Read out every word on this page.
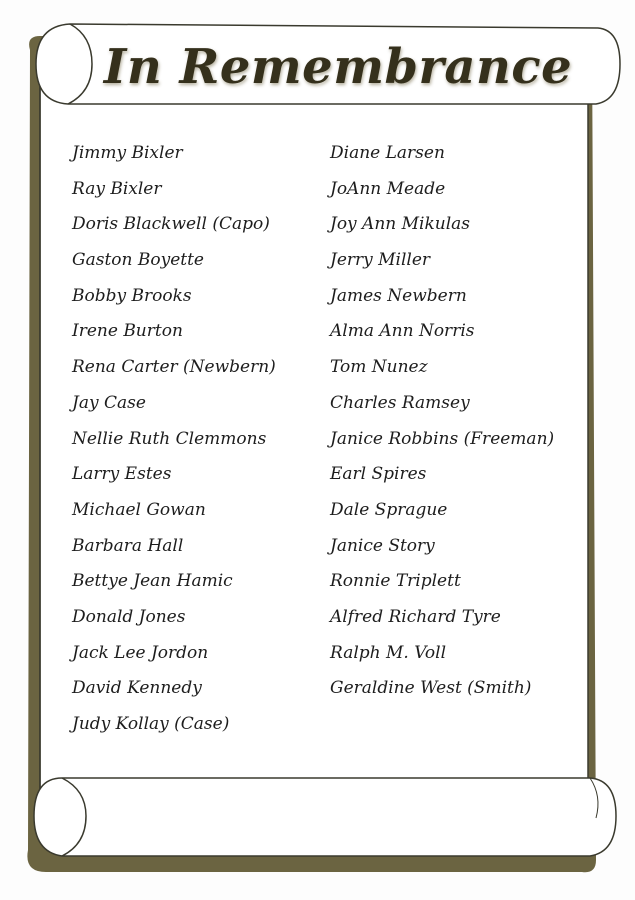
In Remembrance
Jimmy Bixler
Ray Bixler
Doris Blackwell (Capo)
Gaston Boyette
Bobby Brooks
Irene Burton
Rena Carter (Newbern)
Jay Case
Nellie Ruth Clemmons
Larry Estes
Michael Gowan
Barbara Hall
Bettye Jean Hamic
Donald Jones
Jack Lee Jordon
David Kennedy
Judy Kollay (Case)
Diane Larsen
JoAnn Meade
Joy Ann Mikulas
Jerry Miller
James Newbern
Alma Ann Norris
Tom Nunez
Charles Ramsey
Janice Robbins (Freeman)
Earl Spires
Dale Sprague
Janice Story
Ronnie Triplett
Alfred Richard Tyre
Ralph M. Voll
Geraldine West (Smith)
